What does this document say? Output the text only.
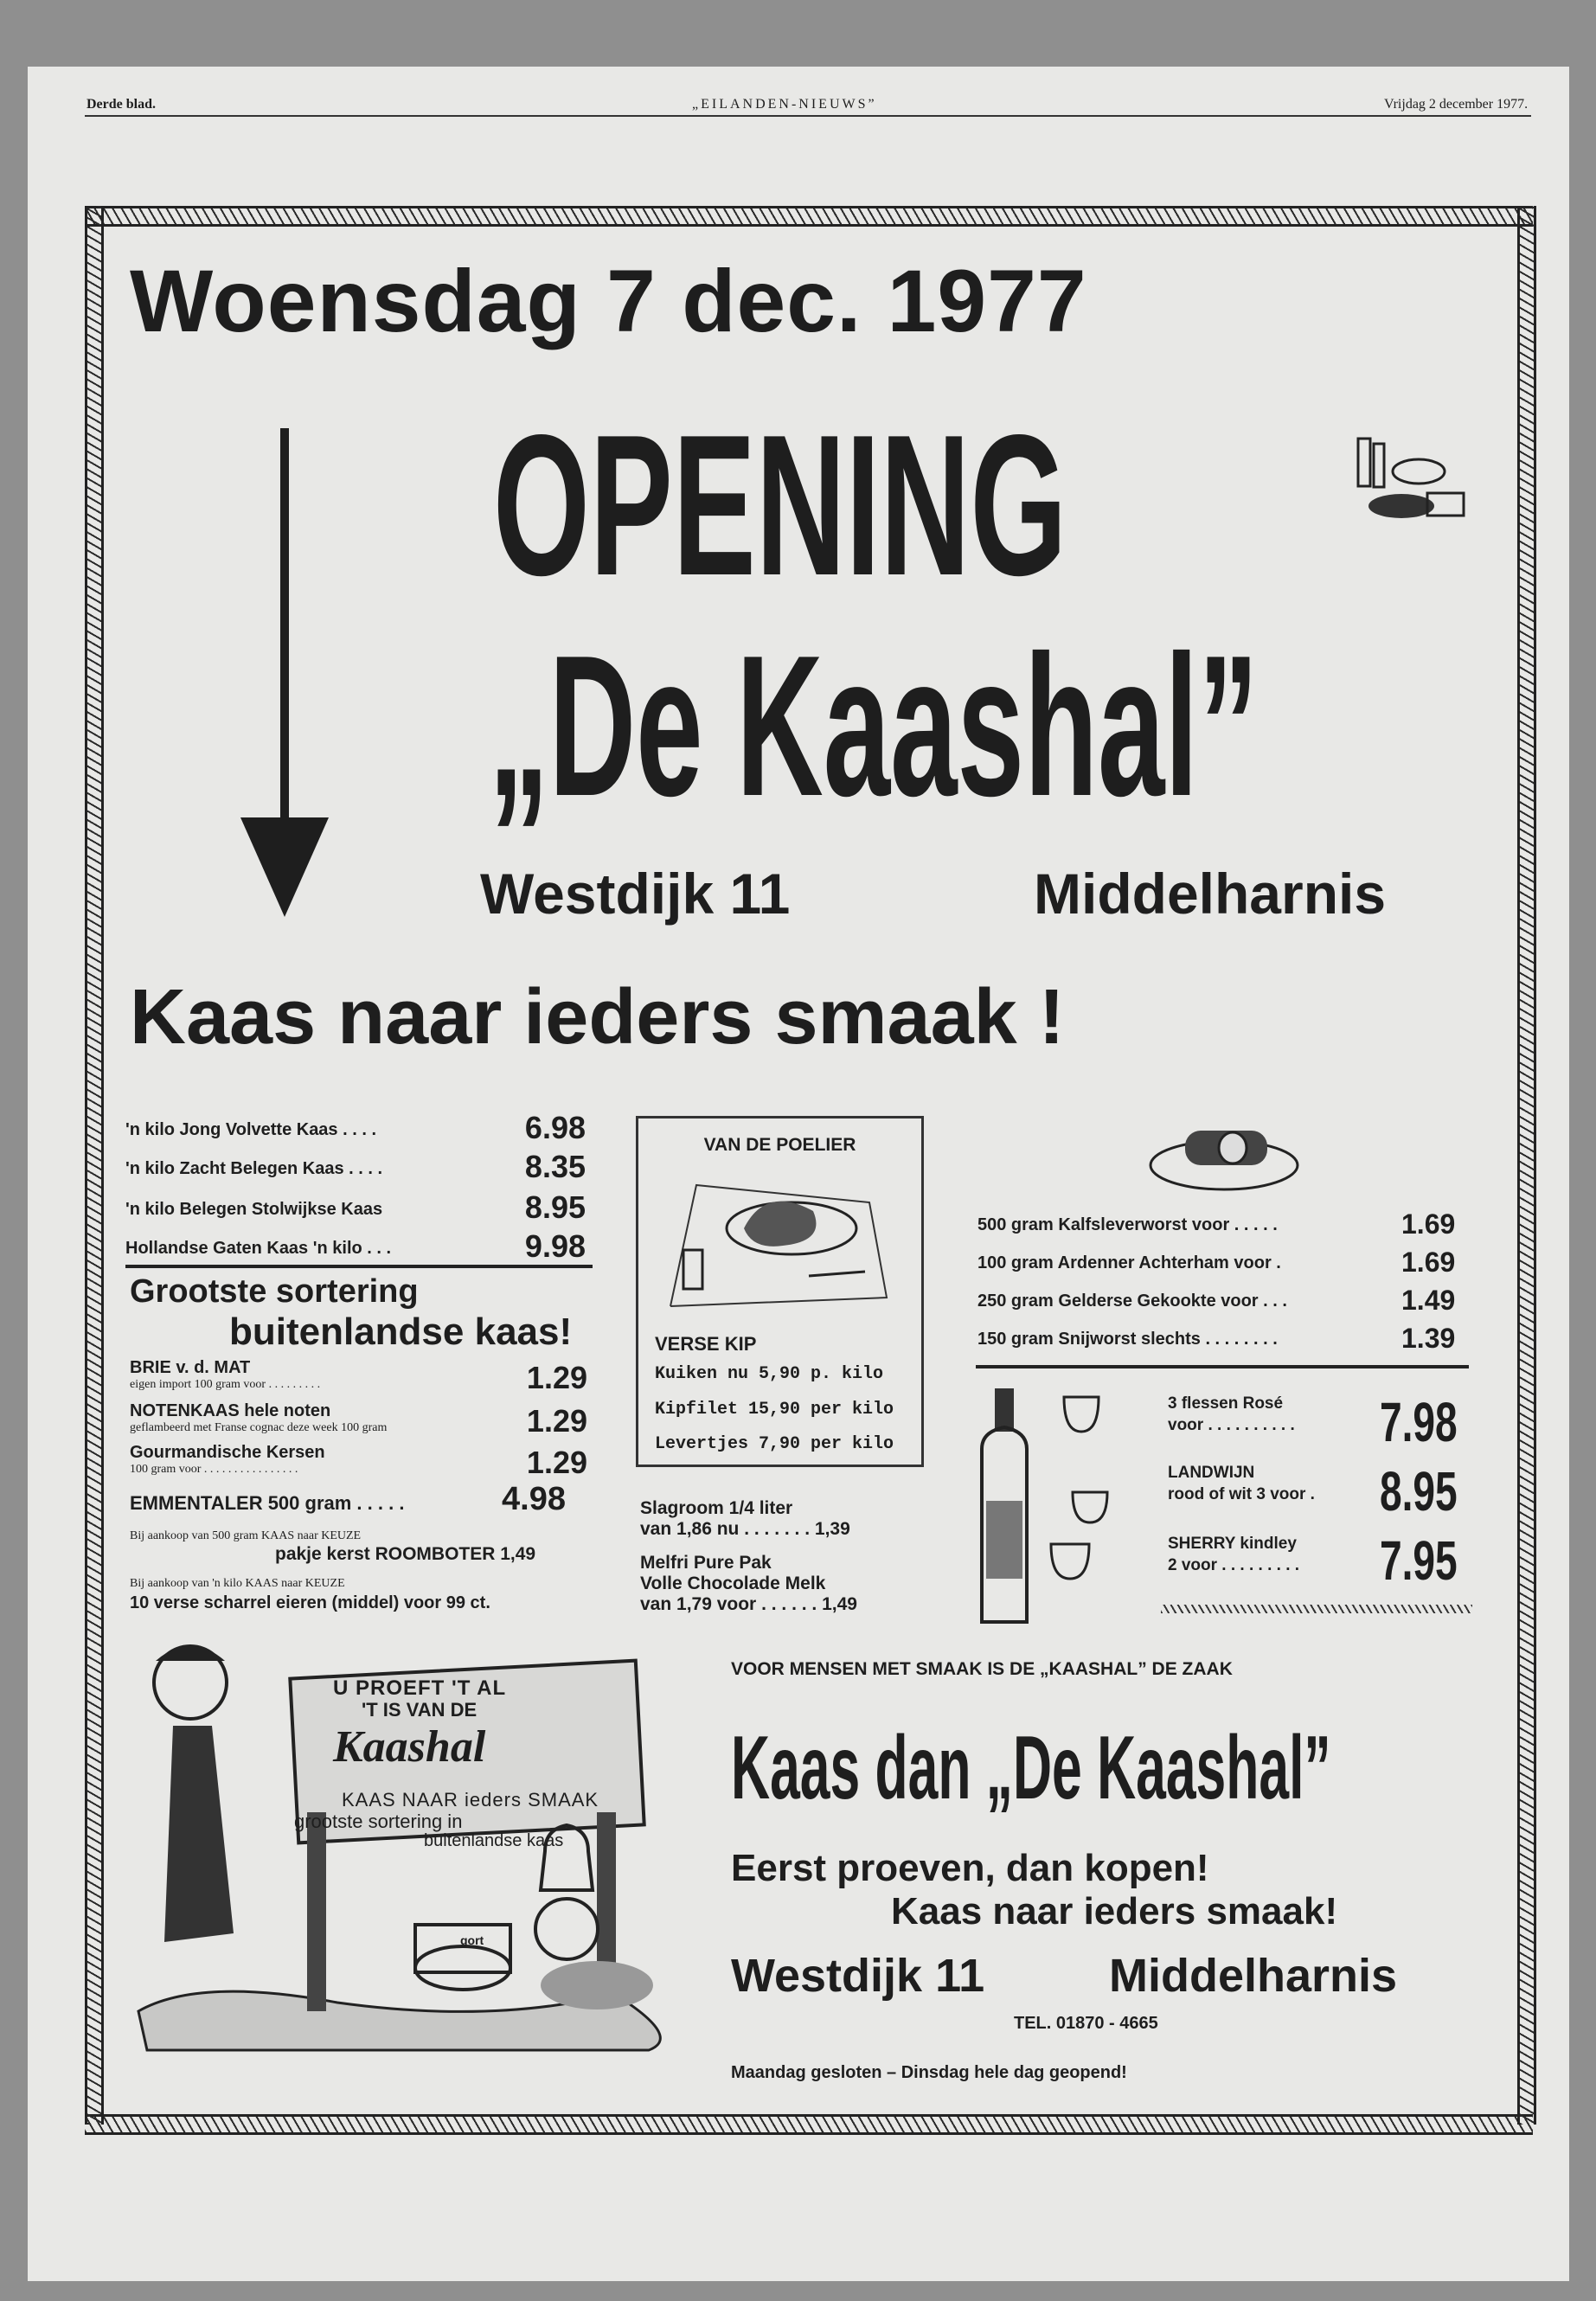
Derde blad.	„EILANDEN-NIEUWS”	Vrijdag 2 december 1977.
Woensdag 7 dec. 1977
OPENING
„De Kaashal”
Westdijk 11	Middelharnis
Kaas naar ieders smaak !
'n kilo Jong Volvette Kaas . . . .	6.98
'n kilo Zacht Belegen Kaas . . . .	8.35
'n kilo Belegen Stolwijkse Kaas	8.95
Hollandse Gaten Kaas 'n kilo . . .	9.98
Grootste sortering
buitenlandse kaas!
BRIE v. d. MAT
eigen import 100 gram voor . . . . . . . . .	1.29
NOTENKAAS hele noten
geflambeerd met Franse cognac deze week 100 gram	1.29
Gourmandische Kersen
100 gram voor . . . . . . . . . . . . . . . .	1.29
EMMENTALER 500 gram . . . . .	4.98
Bij aankoop van 500 gram KAAS naar KEUZE
pakje kerst ROOMBOTER 1,49
Bij aankoop van 'n kilo KAAS naar KEUZE
10 verse scharrel eieren (middel) voor 99 ct.
VAN DE POELIER
VERSE KIP
Kuiken nu 5,90 p. kilo
Kipfilet 15,90 per kilo
Levertjes 7,90 per kilo
Slagroom 1/4 liter
van 1,86 nu . . . . . . . 1,39
Melfri Pure Pak
Volle Chocolade Melk
van 1,79 voor . . . . . . 1,49
500 gram Kalfsleverworst voor . . . . .	1.69
100 gram Ardenner Achterham voor .	1.69
250 gram Gelderse Gekookte voor . . .	1.49
150 gram Snijworst slechts . . . . . . . .	1.39
3 flessen Rosé
voor . . . . . . . . . . 7.98
LANDWIJN
rood of wit 3 voor . 8.95
SHERRY kindley
2 voor . . . . . . . . . 7.95
U PROEFT 'T AL
'T IS VAN DE
Kaashal
KAAS NAAR ieders SMAAK
grootste sortering in
buitenlandse kaas
gort
VOOR MENSEN MET SMAAK IS DE „KAASHAL” DE ZAAK
Kaas dan „De Kaashal”
Eerst proeven, dan kopen!
Kaas naar ieders smaak!
Westdijk 11	Middelharnis
TEL. 01870 - 4665
Maandag gesloten – Dinsdag hele dag geopend!
